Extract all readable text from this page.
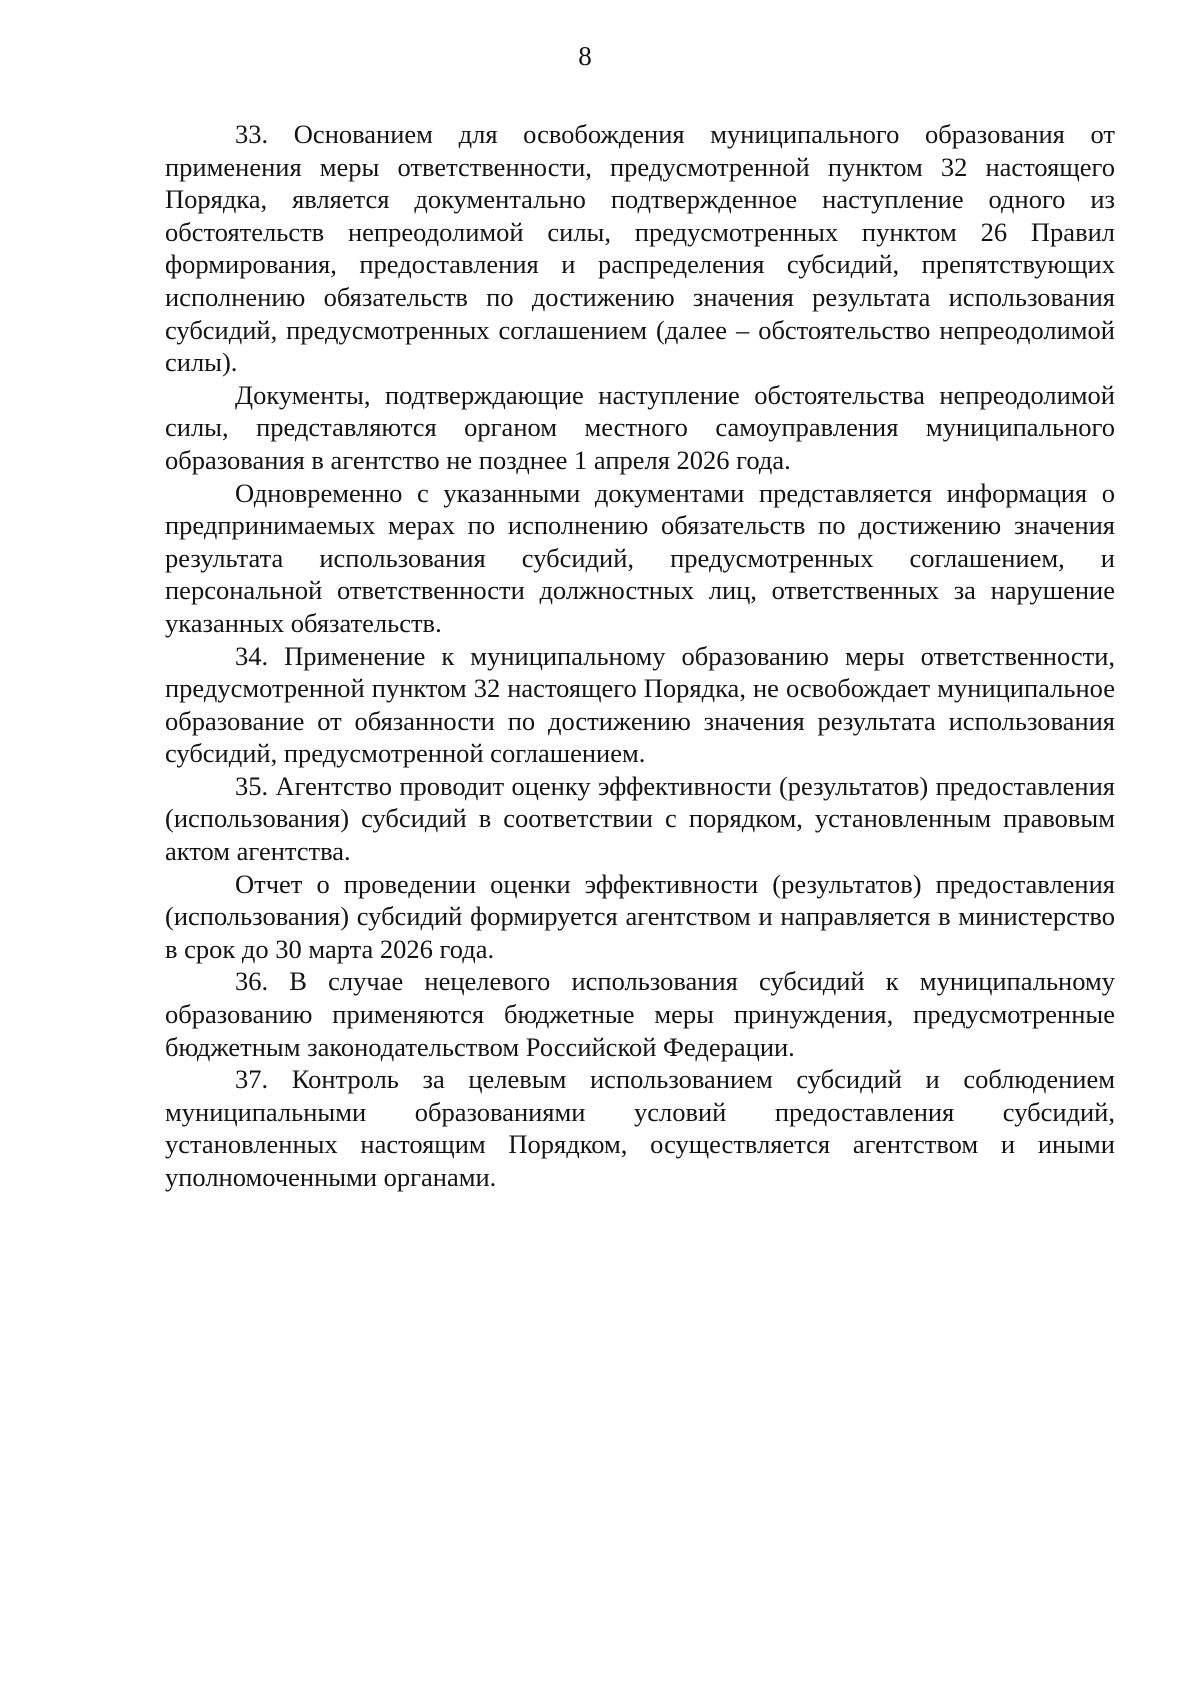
8

33. Основанием для освобождения муниципального образования от применения меры ответственности, предусмотренной пунктом 32 настоящего Порядка, является документально подтвержденное наступление одного из обстоятельств непреодолимой силы, предусмотренных пунктом 26 Правил формирования, предоставления и распределения субсидий, препятствующих исполнению обязательств по достижению значения результата использования субсидий, предусмотренных соглашением (далее – обстоятельство непреодолимой силы).

Документы, подтверждающие наступление обстоятельства непреодолимой силы, представляются органом местного самоуправления муниципального образования в агентство не позднее 1 апреля 2026 года.

Одновременно с указанными документами представляется информация о предпринимаемых мерах по исполнению обязательств по достижению значения результата использования субсидий, предусмотренных соглашением, и персональной ответственности должностных лиц, ответственных за нарушение указанных обязательств.

34. Применение к муниципальному образованию меры ответственности, предусмотренной пунктом 32 настоящего Порядка, не освобождает муниципальное образование от обязанности по достижению значения результата использования субсидий, предусмотренной соглашением.

35. Агентство проводит оценку эффективности (результатов) предоставления (использования) субсидий в соответствии с порядком, установленным правовым актом агентства.

Отчет о проведении оценки эффективности (результатов) предоставления (использования) субсидий формируется агентством и направляется в министерство в срок до 30 марта 2026 года.

36. В случае нецелевого использования субсидий к муниципальному образованию применяются бюджетные меры принуждения, предусмотренные бюджетным законодательством Российской Федерации.

37. Контроль за целевым использованием субсидий и соблюдением муниципальными образованиями условий предоставления субсидий, установленных настоящим Порядком, осуществляется агентством и иными уполномоченными органами.
